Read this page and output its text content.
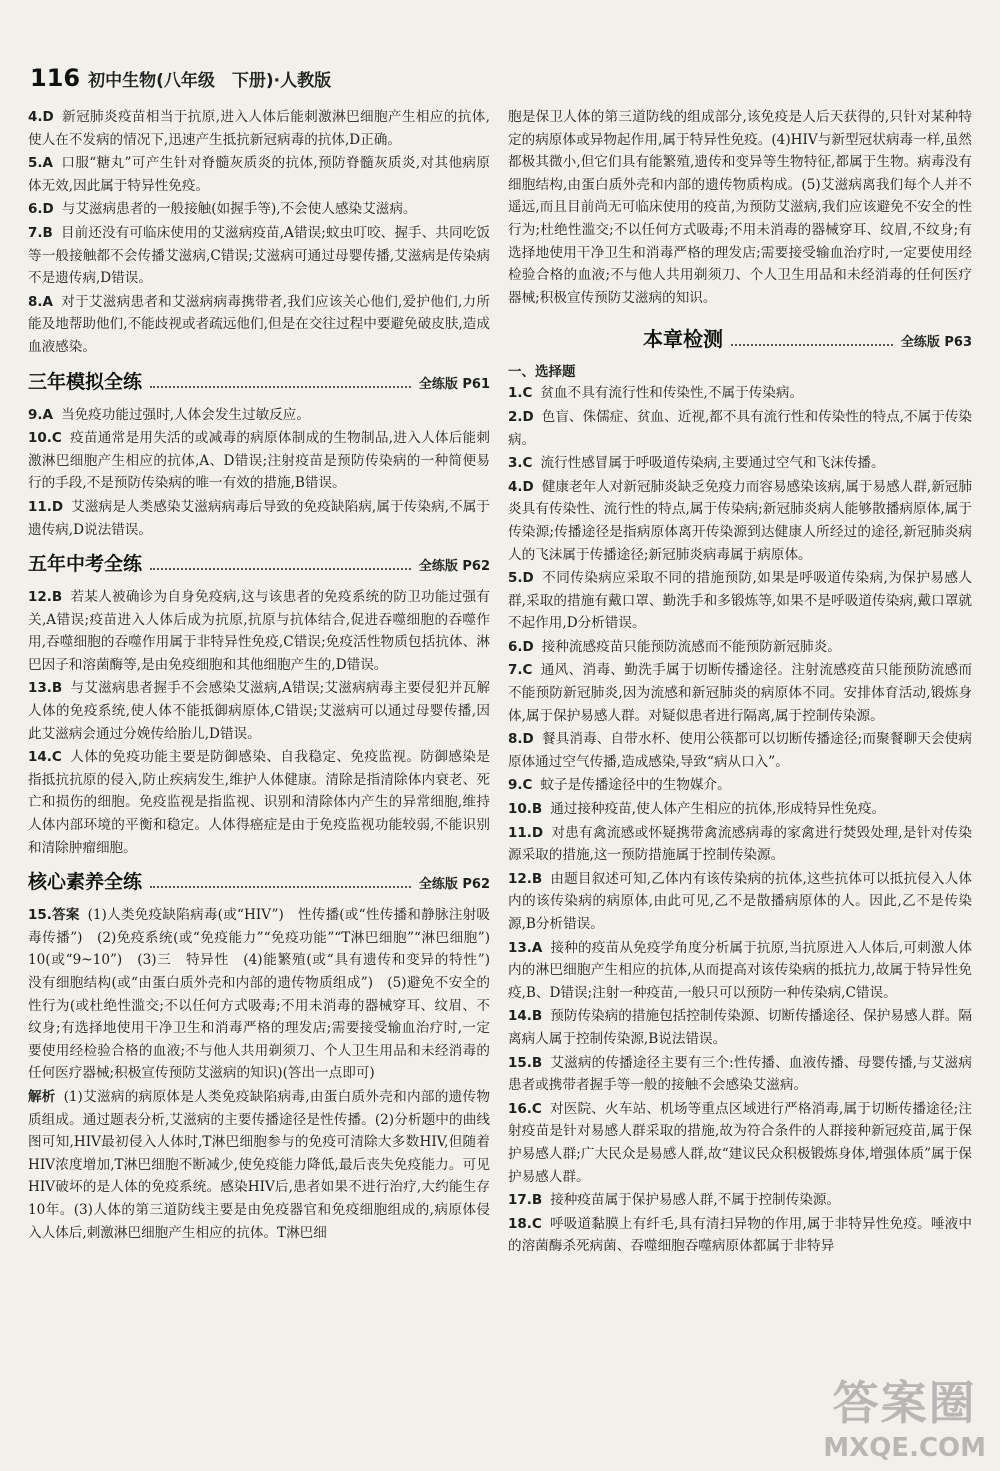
116 初中生物(八年级　下册)·人教版
4.D 新冠肺炎疫苗相当于抗原,进入人体后能刺激淋巴细胞产生相应的抗体,使人在不发病的情况下,迅速产生抵抗新冠病毒的抗体,D正确。
5.A 口服“糖丸”可产生针对脊髓灰质炎的抗体,预防脊髓灰质炎,对其他病原体无效,因此属于特异性免疫。
6.D 与艾滋病患者的一般接触(如握手等),不会使人感染艾滋病。
7.B 目前还没有可临床使用的艾滋病疫苗,A错误;蚊虫叮咬、握手、共同吃饭等一般接触都不会传播艾滋病,C错误;艾滋病可通过母婴传播,艾滋病是传染病不是遗传病,D错误。
8.A 对于艾滋病患者和艾滋病病毒携带者,我们应该关心他们,爱护他们,力所能及地帮助他们,不能歧视或者疏远他们,但是在交往过程中要避免破皮肤,造成血液感染。
三年模拟全练	全练版 P61
9.A 当免疫功能过强时,人体会发生过敏反应。
10.C 疫苗通常是用失活的或减毒的病原体制成的生物制品,进入人体后能刺激淋巴细胞产生相应的抗体,A、D错误;注射疫苗是预防传染病的一种简便易行的手段,不是预防传染病的唯一有效的措施,B错误。
11.D 艾滋病是人类感染艾滋病病毒后导致的免疫缺陷病,属于传染病,不属于遗传病,D说法错误。
五年中考全练	全练版 P62
12.B 若某人被确诊为自身免疫病,这与该患者的免疫系统的防卫功能过强有关,A错误;疫苗进入人体后成为抗原,抗原与抗体结合,促进吞噬细胞的吞噬作用,吞噬细胞的吞噬作用属于非特异性免疫,C错误;免疫活性物质包括抗体、淋巴因子和溶菌酶等,是由免疫细胞和其他细胞产生的,D错误。
13.B 与艾滋病患者握手不会感染艾滋病,A错误;艾滋病病毒主要侵犯并瓦解人体的免疫系统,使人体不能抵御病原体,C错误;艾滋病可以通过母婴传播,因此艾滋病会通过分娩传给胎儿,D错误。
14.C 人体的免疫功能主要是防御感染、自我稳定、免疫监视。防御感染是指抵抗抗原的侵入,防止疾病发生,维护人体健康。清除是指清除体内衰老、死亡和损伤的细胞。免疫监视是指监视、识别和清除体内产生的异常细胞,维持人体内部环境的平衡和稳定。人体得癌症是由于免疫监视功能较弱,不能识别和清除肿瘤细胞。
核心素养全练	全练版 P62
15.答案 (1)人类免疫缺陷病毒(或“HIV”)　性传播(或“性传播和静脉注射吸毒传播”)　(2)免疫系统(或“免疫能力”“免疫功能”“T淋巴细胞”“淋巴细胞”)　10(或“9~10”)　(3)三　特异性　(4)能繁殖(或“具有遗传和变异的特性”)　没有细胞结构(或“由蛋白质外壳和内部的遗传物质组成”)　(5)避免不安全的性行为(或杜绝性滥交;不以任何方式吸毒;不用未消毒的器械穿耳、纹眉、不纹身;有选择地使用干净卫生和消毒严格的理发店;需要接受输血治疗时,一定要使用经检验合格的血液;不与他人共用剃须刀、个人卫生用品和未经消毒的任何医疗器械;积极宣传预防艾滋病的知识)(答出一点即可)
解析 (1)艾滋病的病原体是人类免疫缺陷病毒,由蛋白质外壳和内部的遗传物质组成。通过题表分析,艾滋病的主要传播途径是性传播。(2)分析题中的曲线图可知,HIV最初侵入人体时,T淋巴细胞参与的免疫可清除大多数HIV,但随着HIV浓度增加,T淋巴细胞不断减少,使免疫能力降低,最后丧失免疫能力。可见HIV破坏的是人体的免疫系统。感染HIV后,患者如果不进行治疗,大约能生存10年。(3)人体的第三道防线主要是由免疫器官和免疫细胞组成的,病原体侵入人体后,刺激淋巴细胞产生相应的抗体。T淋巴细
胞是保卫人体的第三道防线的组成部分,该免疫是人后天获得的,只针对某种特定的病原体或异物起作用,属于特异性免疫。(4)HIV与新型冠状病毒一样,虽然都极其微小,但它们具有能繁殖,遗传和变异等生物特征,都属于生物。病毒没有细胞结构,由蛋白质外壳和内部的遗传物质构成。(5)艾滋病离我们每个人并不遥远,而且目前尚无可临床使用的疫苗,为预防艾滋病,我们应该避免不安全的性行为;杜绝性滥交;不以任何方式吸毒;不用未消毒的器械穿耳、纹眉,不纹身;有选择地使用干净卫生和消毒严格的理发店;需要接受输血治疗时,一定要使用经检验合格的血液;不与他人共用剃须刀、个人卫生用品和未经消毒的任何医疗器械;积极宣传预防艾滋病的知识。
本章检测	全练版 P63
一、选择题
1.C 贫血不具有流行性和传染性,不属于传染病。
2.D 色盲、侏儒症、贫血、近视,都不具有流行性和传染性的特点,不属于传染病。
3.C 流行性感冒属于呼吸道传染病,主要通过空气和飞沫传播。
4.D 健康老年人对新冠肺炎缺乏免疫力而容易感染该病,属于易感人群,新冠肺炎具有传染性、流行性的特点,属于传染病;新冠肺炎病人能够散播病原体,属于传染源;传播途径是指病原体离开传染源到达健康人所经过的途径,新冠肺炎病人的飞沫属于传播途径;新冠肺炎病毒属于病原体。
5.D 不同传染病应采取不同的措施预防,如果是呼吸道传染病,为保护易感人群,采取的措施有戴口罩、勤洗手和多锻炼等,如果不是呼吸道传染病,戴口罩就不起作用,D分析错误。
6.D 接种流感疫苗只能预防流感而不能预防新冠肺炎。
7.C 通风、消毒、勤洗手属于切断传播途径。注射流感疫苗只能预防流感而不能预防新冠肺炎,因为流感和新冠肺炎的病原体不同。安排体育活动,锻炼身体,属于保护易感人群。对疑似患者进行隔离,属于控制传染源。
8.D 餐具消毒、自带水杯、使用公筷都可以切断传播途径;而聚餐聊天会使病原体通过空气传播,造成感染,导致“病从口入”。
9.C 蚊子是传播途径中的生物媒介。
10.B 通过接种疫苗,使人体产生相应的抗体,形成特异性免疫。
11.D 对患有禽流感或怀疑携带禽流感病毒的家禽进行焚毁处理,是针对传染源采取的措施,这一预防措施属于控制传染源。
12.B 由题目叙述可知,乙体内有该传染病的抗体,这些抗体可以抵抗侵入人体内的该传染病的病原体,由此可见,乙不是散播病原体的人。因此,乙不是传染源,B分析错误。
13.A 接种的疫苗从免疫学角度分析属于抗原,当抗原进入人体后,可刺激人体内的淋巴细胞产生相应的抗体,从而提高对该传染病的抵抗力,故属于特异性免疫,B、D错误;注射一种疫苗,一般只可以预防一种传染病,C错误。
14.B 预防传染病的措施包括控制传染源、切断传播途径、保护易感人群。隔离病人属于控制传染源,B说法错误。
15.B 艾滋病的传播途径主要有三个:性传播、血液传播、母婴传播,与艾滋病患者或携带者握手等一般的接触不会感染艾滋病。
16.C 对医院、火车站、机场等重点区域进行严格消毒,属于切断传播途径;注射疫苗是针对易感人群采取的措施,故为符合条件的人群接种新冠疫苗,属于保护易感人群;广大民众是易感人群,故“建议民众积极锻炼身体,增强体质”属于保护易感人群。
17.B 接种疫苗属于保护易感人群,不属于控制传染源。
18.C 呼吸道黏膜上有纤毛,具有清扫异物的作用,属于非特异性免疫。唾液中的溶菌酶杀死病菌、吞噬细胞吞噬病原体都属于非特异
答案圈
MXQE.COM
